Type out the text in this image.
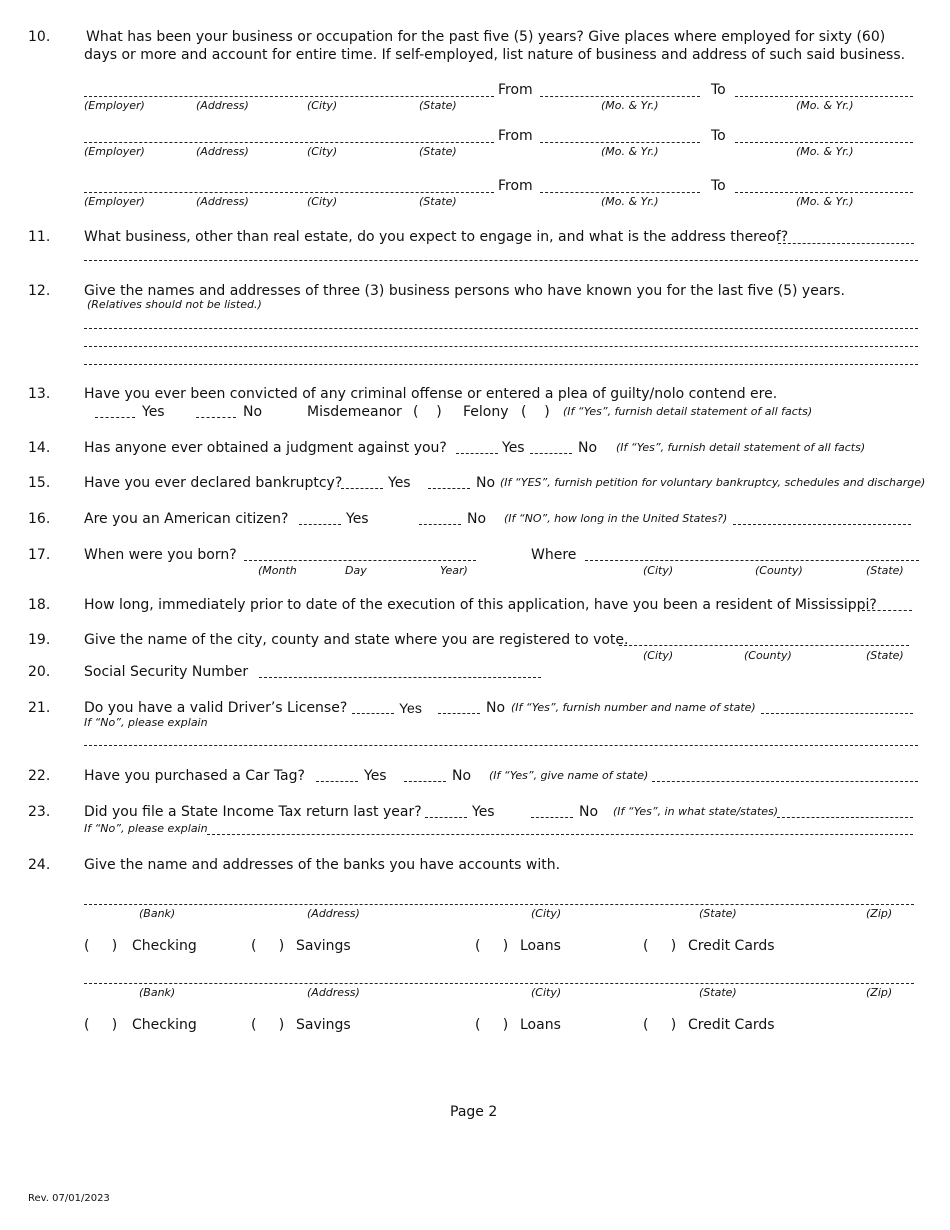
10.	What has been your business or occupation for the past five (5) years? Give places where employed for sixty (60)
days or more and account for entire time. If self-employed, list nature of business and address of such said business.
From	To
(Employer)	(Address)	(City)	(State)	(Mo. & Yr.)	(Mo. & Yr.)
From	To
(Employer)	(Address)	(City)	(State)	(Mo. & Yr.)	(Mo. & Yr.)
From	To
(Employer)	(Address)	(City)	(State)	(Mo. & Yr.)	(Mo. & Yr.)
11. What business, other than real estate, do you expect to engage in, and what is the address thereof?
12. Give the names and addresses of three (3) business persons who have known you for the last five (5) years.
(Relatives should not be listed.)
13. Have you ever been convicted of any criminal offense or entered a plea of guilty/nolo contend ere.
Yes	No	Misdemeanor (    ) Felony (    ) (If “Yes”, furnish detail statement of all facts)
14. Has anyone ever obtained a judgment against you?	Yes	No (If “Yes”, furnish detail statement of all facts)
15. Have you ever declared bankruptcy?	Yes	No (If “YES”, furnish petition for voluntary bankruptcy, schedules and discharge)
16. Are you an American citizen?	Yes	No (If “NO”, how long in the United States?)
17. When were you born?	Where
(Month	Day	Year)	(City)	(County)	(State)
18. How long, immediately prior to date of the execution of this application, have you been a resident of Mississippi?
19. Give the name of the city, county and state where you are registered to vote.
(City)	(County)	(State)
20. Social Security Number
21. Do you have a valid Driver’s License?	Yes	No (If “Yes”, furnish number and name of state)
If “No”, please explain
22. Have you purchased a Car Tag?	Yes	No (If “Yes”, give name of state)
23. Did you file a State Income Tax return last year?	Yes	No (If “Yes”, in what state/states)
If “No”, please explain
24. Give the name and addresses of the banks you have accounts with.
(Bank)	(Address)	(City)	(State)	(Zip)
(     ) Checking	(     ) Savings	(     ) Loans	(     ) Credit Cards
(Bank)	(Address)	(City)	(State)	(Zip)
(     ) Checking	(     ) Savings	(     ) Loans	(     ) Credit Cards
Page 2
Rev. 07/01/2023
